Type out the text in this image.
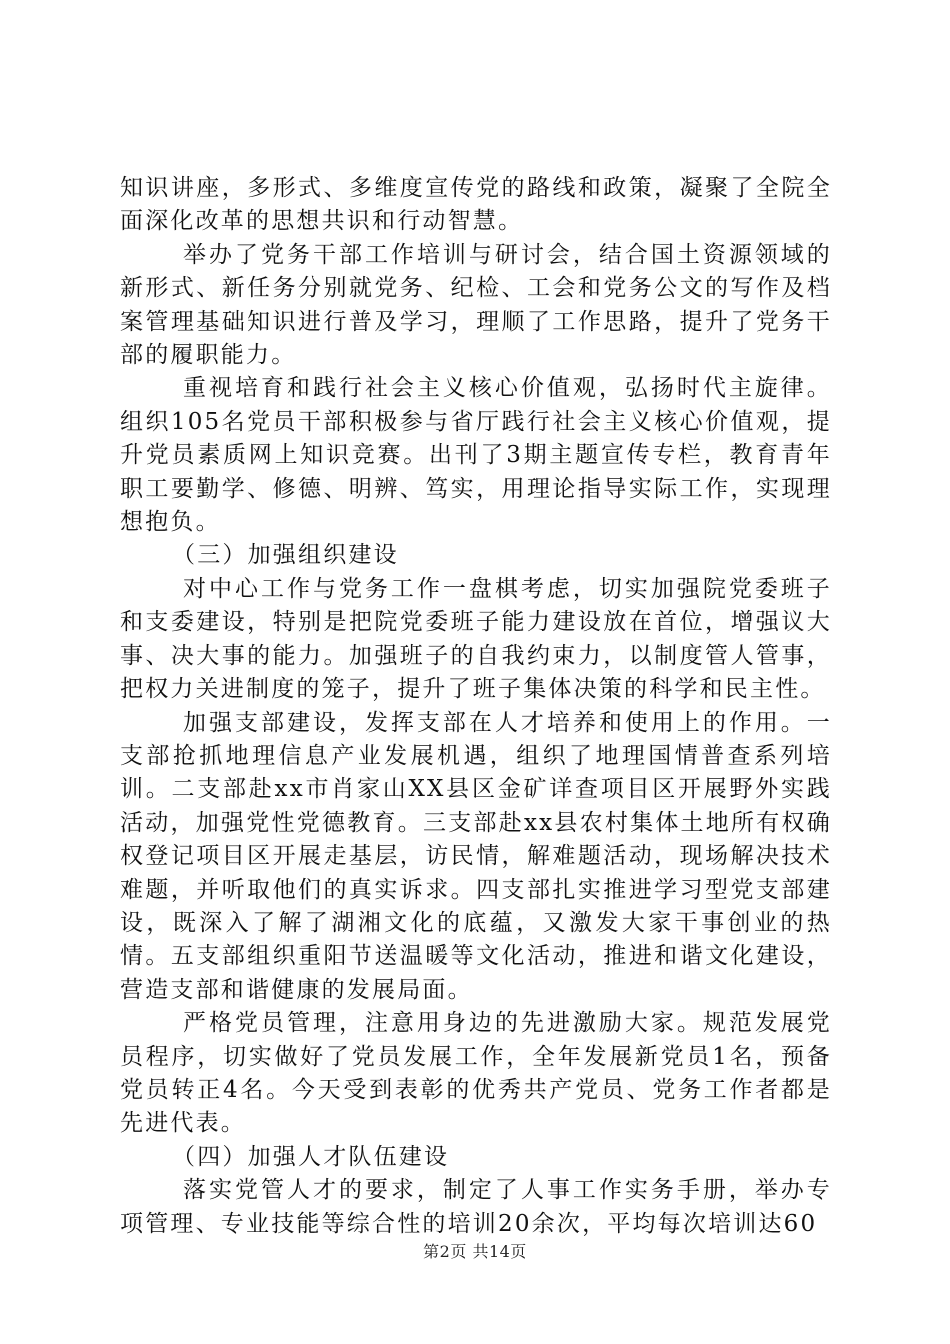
知识讲座，多形式、多维度宣传党的路线和政策，凝聚了全院全面深化改革的思想共识和行动智慧。

举办了党务干部工作培训与研讨会，结合国土资源领域的新形式、新任务分别就党务、纪检、工会和党务公文的写作及档案管理基础知识进行普及学习，理顺了工作思路，提升了党务干部的履职能力。

重视培育和践行社会主义核心价值观，弘扬时代主旋律。组织105名党员干部积极参与省厅践行社会主义核心价值观，提升党员素质网上知识竞赛。出刊了3期主题宣传专栏，教育青年职工要勤学、修德、明辨、笃实，用理论指导实际工作，实现理想抱负。

（三）加强组织建设

对中心工作与党务工作一盘棋考虑，切实加强院党委班子和支委建设，特别是把院党委班子能力建设放在首位，增强议大事、决大事的能力。加强班子的自我约束力，以制度管人管事，把权力关进制度的笼子，提升了班子集体决策的科学和民主性。

加强支部建设，发挥支部在人才培养和使用上的作用。一支部抢抓地理信息产业发展机遇，组织了地理国情普查系列培训。二支部赴xx市肖家山XX县区金矿详查项目区开展野外实践活动，加强党性党德教育。三支部赴xx县农村集体土地所有权确权登记项目区开展走基层，访民情，解难题活动，现场解决技术难题，并听取他们的真实诉求。四支部扎实推进学习型党支部建设，既深入了解了湖湘文化的底蕴，又激发大家干事创业的热情。五支部组织重阳节送温暖等文化活动，推进和谐文化建设，营造支部和谐健康的发展局面。

严格党员管理，注意用身边的先进激励大家。规范发展党员程序，切实做好了党员发展工作，全年发展新党员1名，预备党员转正4名。今天受到表彰的优秀共产党员、党务工作者都是先进代表。

（四）加强人才队伍建设

落实党管人才的要求，制定了人事工作实务手册，举办专项管理、专业技能等综合性的培训20余次，平均每次培训达60

第2页 共14页
